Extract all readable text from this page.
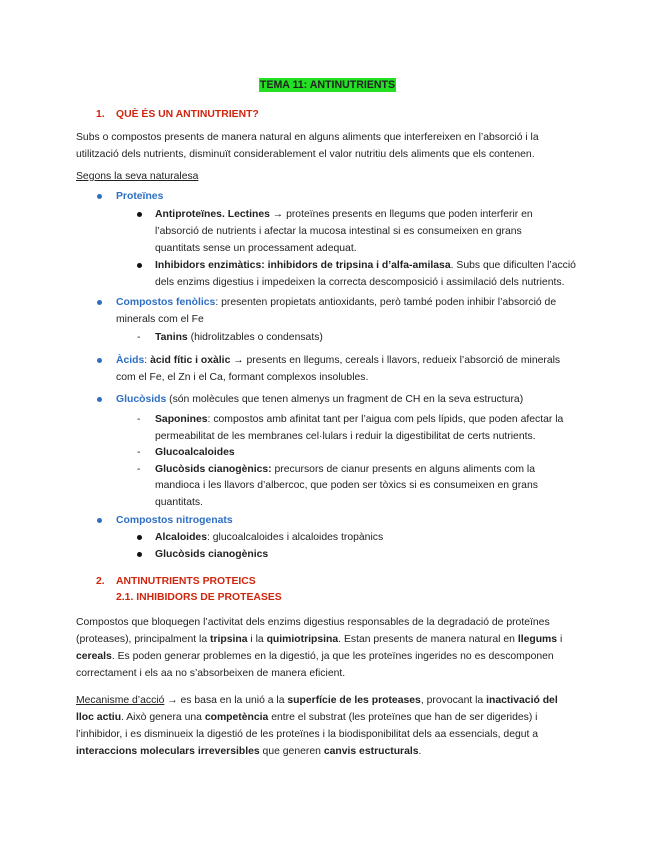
TEMA 11: ANTINUTRIENTS
1. QUÈ ÉS UN ANTINUTRIENT?
Subs o compostos presents de manera natural en alguns aliments que interfereixen en l’absorció i la
utilització dels nutrients, disminuït considerablement el valor nutritiu dels aliments que els contenen.
Segons la seva naturalesa
Proteïnes
Antiproteïnes. Lectines → proteïnes presents en llegums que poden interferir en
l’absorció de nutrients i afectar la mucosa intestinal si es consumeixen en grans
quantitats sense un processament adequat.
Inhibidors enzimàtics: inhibidors de tripsina i d’alfa-amilasa. Subs que dificulten l’acció
dels enzims digestius i impedeixen la correcta descomposició i assimilació dels nutrients.
Compostos fenòlics: presenten propietats antioxidants, però també poden inhibir l’absorció de
minerals com el Fe
- Tanins (hidrolitzables o condensats)
Àcids: àcid fític i oxàlic → presents en llegums, cereals i llavors, redueix l’absorció de minerals
com el Fe, el Zn i el Ca, formant complexos insolubles.
Glucòsids (són molècules que tenen almenys un fragment de CH en la seva estructura)
- Saponines: compostos amb afinitat tant per l’aigua com pels lípids, que poden afectar la
permeabilitat de les membranes cel·lulars i reduir la digestibilitat de certs nutrients.
- Glucoalcaloides
- Glucòsids cianogènics: precursors de cianur presents en alguns aliments com la
mandioca i les llavors d’albercoc, que poden ser tòxics si es consumeixen en grans
quantitats.
Compostos nitrogenats
Alcaloides: glucoalcaloides i alcaloides tropànics
Glucòsids cianogènics
2. ANTINUTRIENTS PROTEICS
2.1. INHIBIDORS DE PROTEASES
Compostos que bloquegen l’activitat dels enzims digestius responsables de la degradació de proteïnes
(proteases), principalment la tripsina i la quimiotripsina. Estan presents de manera natural en llegums i
cereals. Es poden generar problemes en la digestió, ja que les proteïnes ingerides no es descomponen
correctament i els aa no s’absorbeixen de manera eficient.
Mecanisme d’acció → es basa en la unió a la superfície de les proteases, provocant la inactivació del
lloc actiu. Això genera una competència entre el substrat (les proteïnes que han de ser digerides) i
l’inhibidor, i es disminueix la digestió de les proteïnes i la biodisponibilitat dels aa essencials, degut a
interaccions moleculars irreversibles que generen canvis estructurals.
